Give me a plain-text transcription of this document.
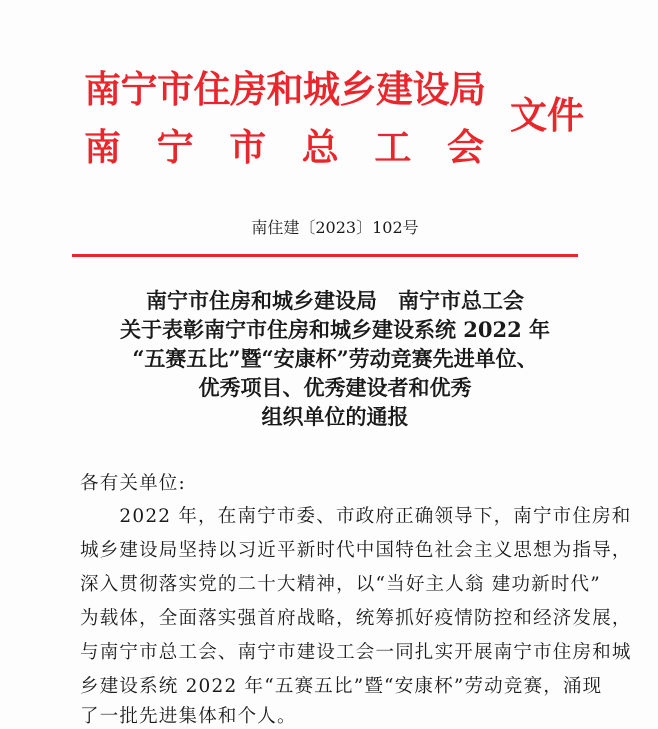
南宁市住房和城乡建设局
南 宁 市 总 工 会
文件
南住建〔2023〕102号
南宁市住房和城乡建设局　南宁市总工会
关于表彰南宁市住房和城乡建设系统 2022 年
“五赛五比”暨“安康杯”劳动竞赛先进单位、
优秀项目、优秀建设者和优秀
组织单位的通报
各有关单位:
　　2022 年，在南宁市委、市政府正确领导下，南宁市住房和
城乡建设局坚持以习近平新时代中国特色社会主义思想为指导，
深入贯彻落实党的二十大精神，以“当好主人翁 建功新时代”
为载体，全面落实强首府战略，统筹抓好疫情防控和经济发展，
与南宁市总工会、南宁市建设工会一同扎实开展南宁市住房和城
乡建设系统 2022 年“五赛五比”暨“安康杯”劳动竞赛，涌现
了一批先进集体和个人。
